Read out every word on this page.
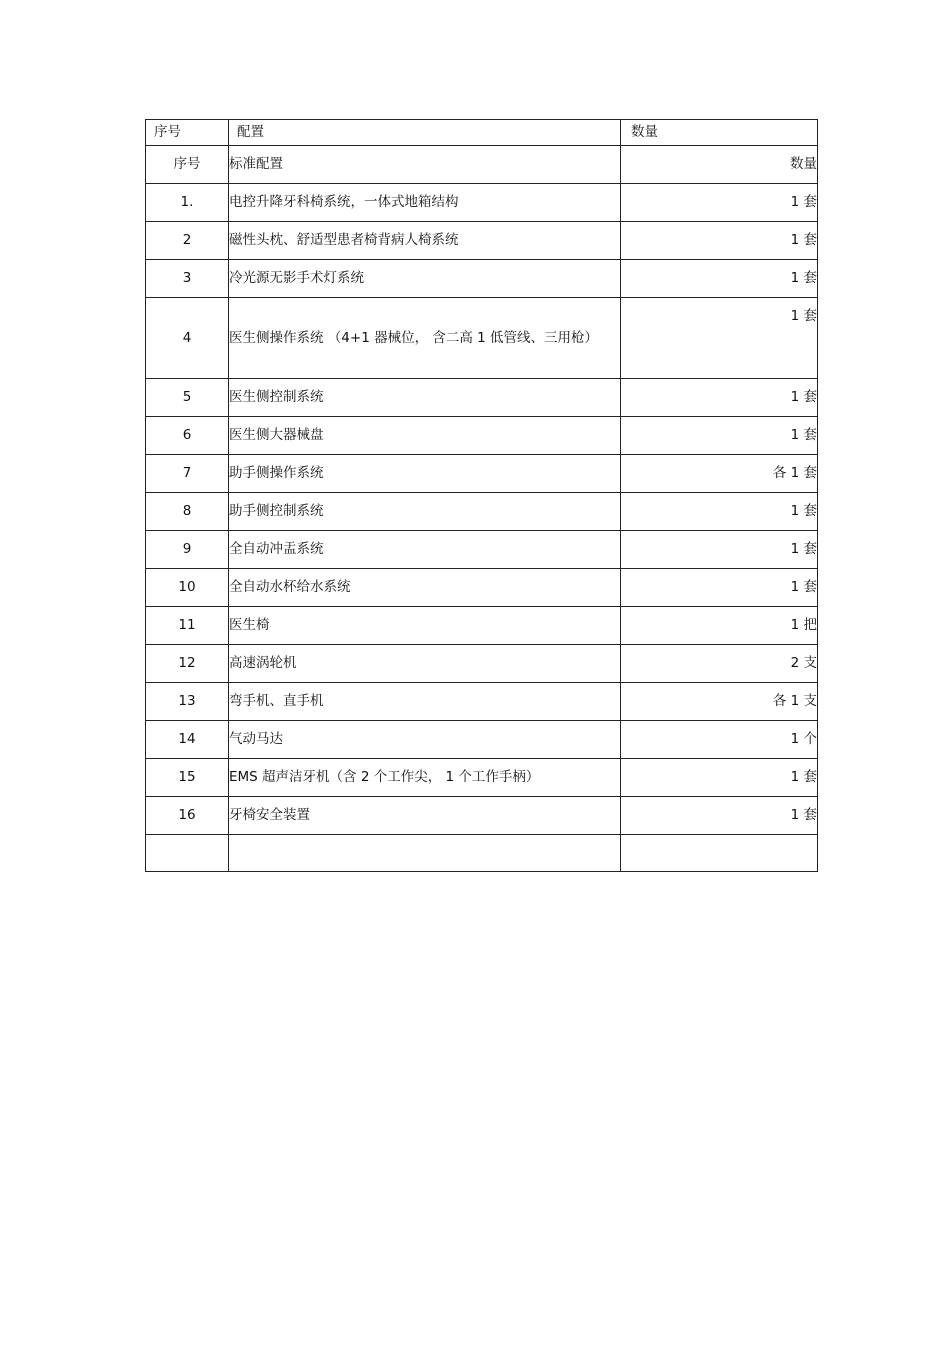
序号	配置	数量
序号	标准配置	数量
1.	电控升降牙科椅系统，一体式地箱结构	1 套
2	磁性头枕、舒适型患者椅背病人椅系统	1 套
3	冷光源无影手术灯系统	1 套
4	医生侧操作系统 （4+1 器械位， 含二高 1 低管线、三用枪）	1 套
5	医生侧控制系统	1 套
6	医生侧大器械盘	1 套
7	助手侧操作系统	各 1 套
8	助手侧控制系统	1 套
9	全自动冲盂系统	1 套
10	全自动水杯给水系统	1 套
11	医生椅	1 把
12	高速涡轮机	2 支
13	弯手机、直手机	各 1 支
14	气动马达	1 个
15	EMS 超声洁牙机（含 2 个工作尖， 1 个工作手柄）	1 套
16	牙椅安全装置	1 套
